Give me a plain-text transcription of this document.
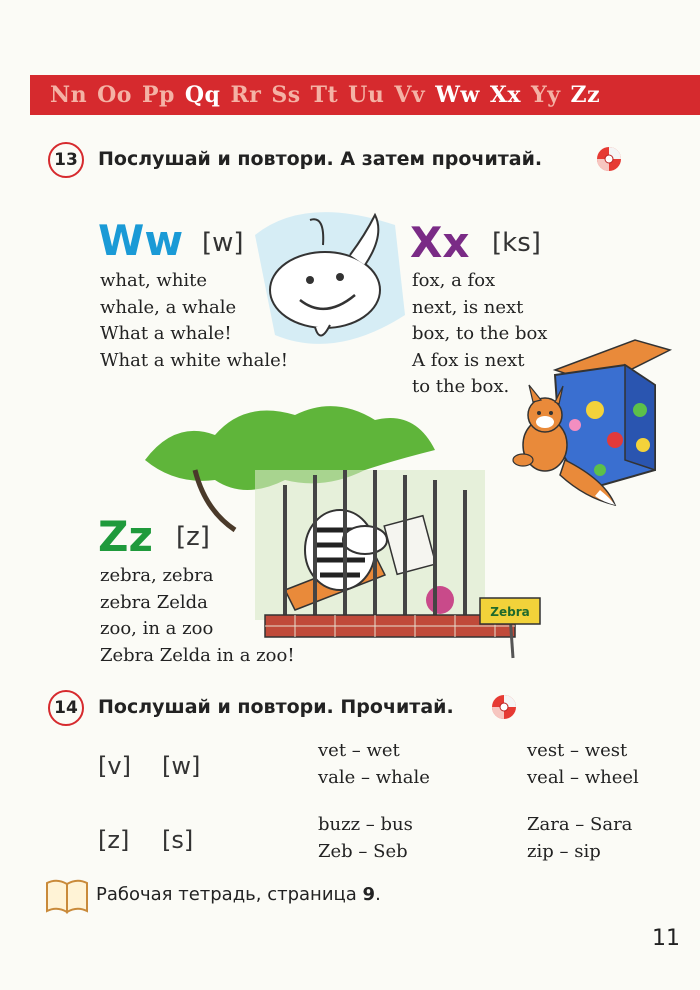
Nn Oo Pp Qq Rr Ss Tt Uu Vv Ww Xx Yy Zz
13	Послушай и повтори. А затем прочитай.
Ww [w]
what, white
whale, a whale
What a whale!
What a white whale!
Xx [ks]
fox, a fox
next, is next
box, to the box
A fox is next
to the box.
Zebra
Zz [z]
zebra, zebra
zebra Zelda
zoo, in a zoo
Zebra Zelda in a zoo!
14	Послушай и повтори. Прочитай.
[v] [w]
vet – wet
vale – whale
vest – west
veal – wheel
[z] [s]
buzz – bus
Zeb – Seb
Zara – Sara
zip – sip
Рабочая тетрадь, страница 9.
11
